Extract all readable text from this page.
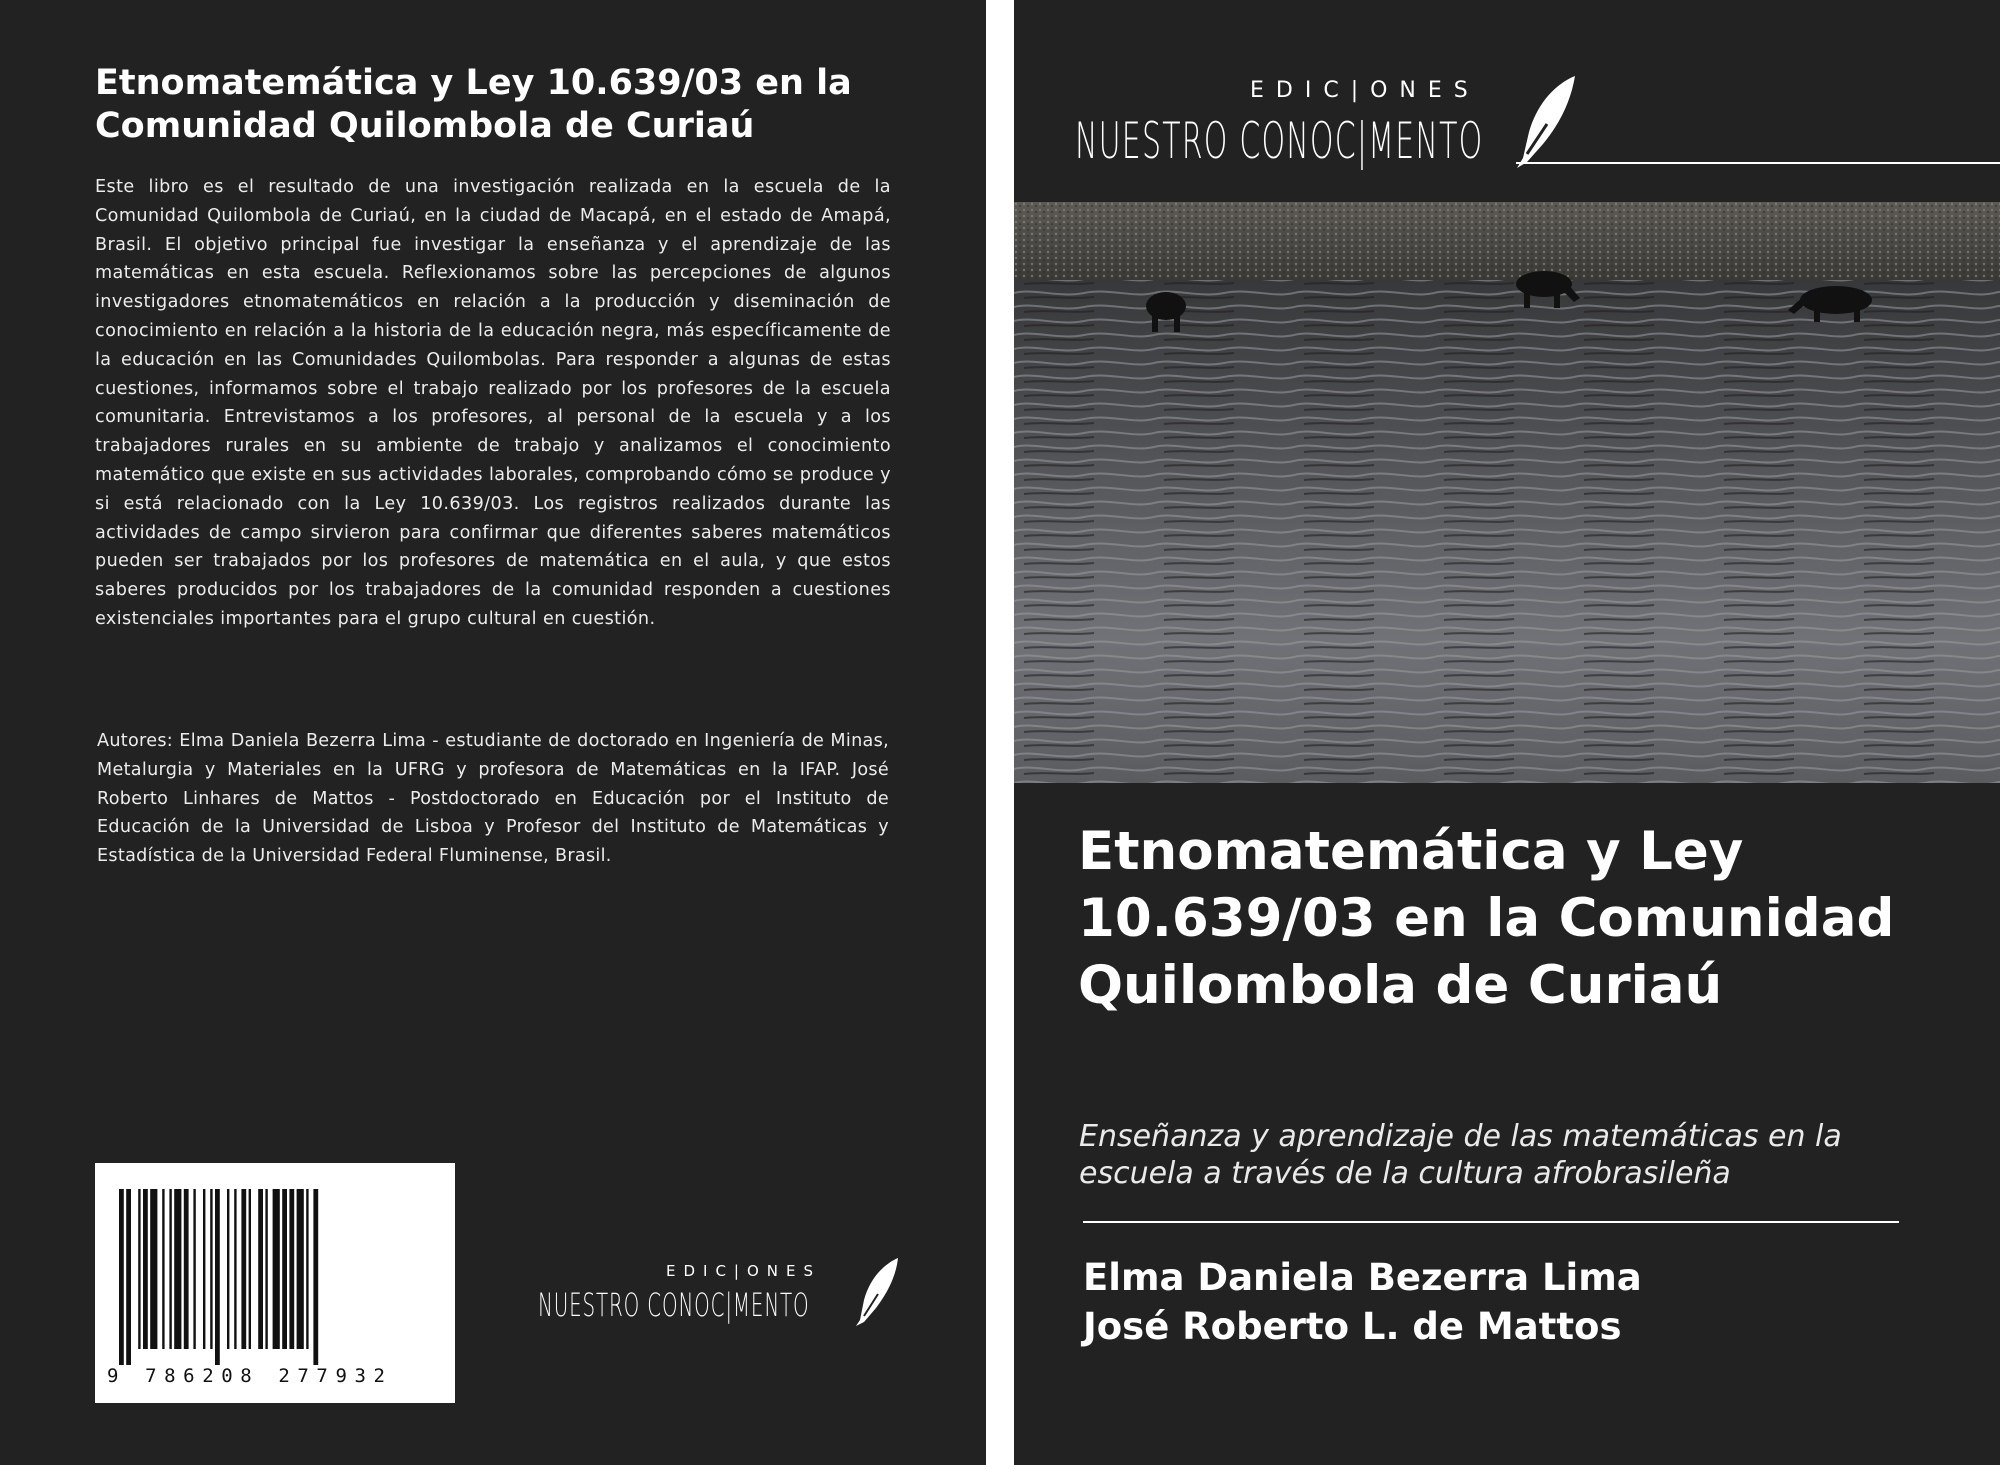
Etnomatemática y Ley 10.639/03 en la Comunidad Quilombola de Curiaú

Este libro es el resultado de una investigación realizada en la escuela de la Comunidad Quilombola de Curiaú, en la ciudad de Macapá, en el estado de Amapá, Brasil. El objetivo principal fue investigar la enseñanza y el aprendizaje de las matemáticas en esta escuela. Reflexionamos sobre las percepciones de algunos investigadores etnomatemáticos en relación a la producción y diseminación de conocimiento en relación a la historia de la educación negra, más específicamente de la educación en las Comunidades Quilombolas. Para responder a algunas de estas cuestiones, informamos sobre el trabajo realizado por los profesores de la escuela comunitaria. Entrevistamos a los profesores, al personal de la escuela y a los trabajadores rurales en su ambiente de trabajo y analizamos el conocimiento matemático que existe en sus actividades laborales, comprobando cómo se produce y si está relacionado con la Ley 10.639/03. Los registros realizados durante las actividades de campo sirvieron para confirmar que diferentes saberes matemáticos pueden ser trabajados por los profesores de matemática en el aula, y que estos saberes producidos por los trabajadores de la comunidad responden a cuestiones existenciales importantes para el grupo cultural en cuestión.

Autores: Elma Daniela Bezerra Lima - estudiante de doctorado en Ingeniería de Minas, Metalurgia y Materiales en la UFRG y profesora de Matemáticas en la IFAP. José Roberto Linhares de Mattos - Postdoctorado en Educación por el Instituto de Educación de la Universidad de Lisboa y Profesor del Instituto de Matemáticas y Estadística de la Universidad Federal Fluminense, Brasil.

9 786208 277932

EDIC|ONES

NUESTRO CONOC|MENTO

EDIC|ONES

NUESTRO CONOC|MENTO

Etnomatemática y Ley 10.639/03 en la Comunidad Quilombola de Curiaú

Enseñanza y aprendizaje de las matemáticas en la escuela a través de la cultura afrobrasileña

Elma Daniela Bezerra Lima

José Roberto L. de Mattos
